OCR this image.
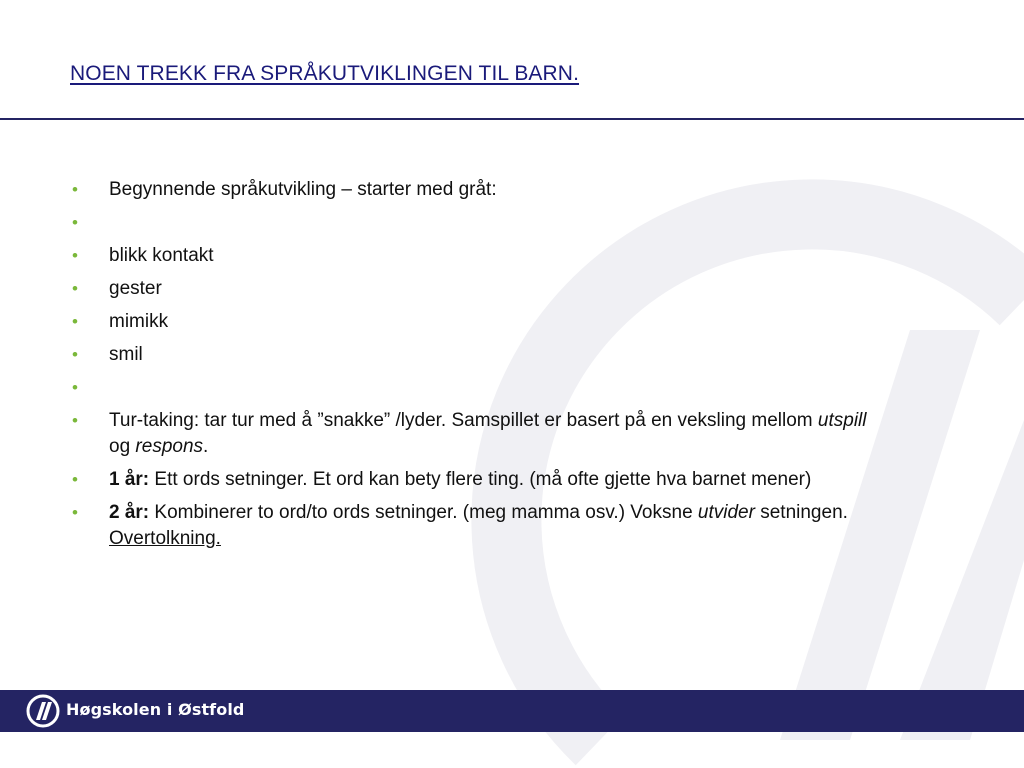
NOEN TREKK FRA SPRÅKUTVIKLINGEN TIL BARN.
• Begynnende språkutvikling – starter med gråt:
•
• blikk kontakt
• gester
• mimikk
• smil
•
• Tur-taking: tar tur med å ”snakke” /lyder. Samspillet er basert på en veksling mellom utspill og respons.
• 1 år: Ett ords setninger. Et ord kan bety flere ting. (må ofte gjette hva barnet mener)
• 2 år: Kombinerer to ord/to ords setninger. (meg mamma osv.) Voksne utvider setningen. Overtolkning.
Høgskolen i Østfold
